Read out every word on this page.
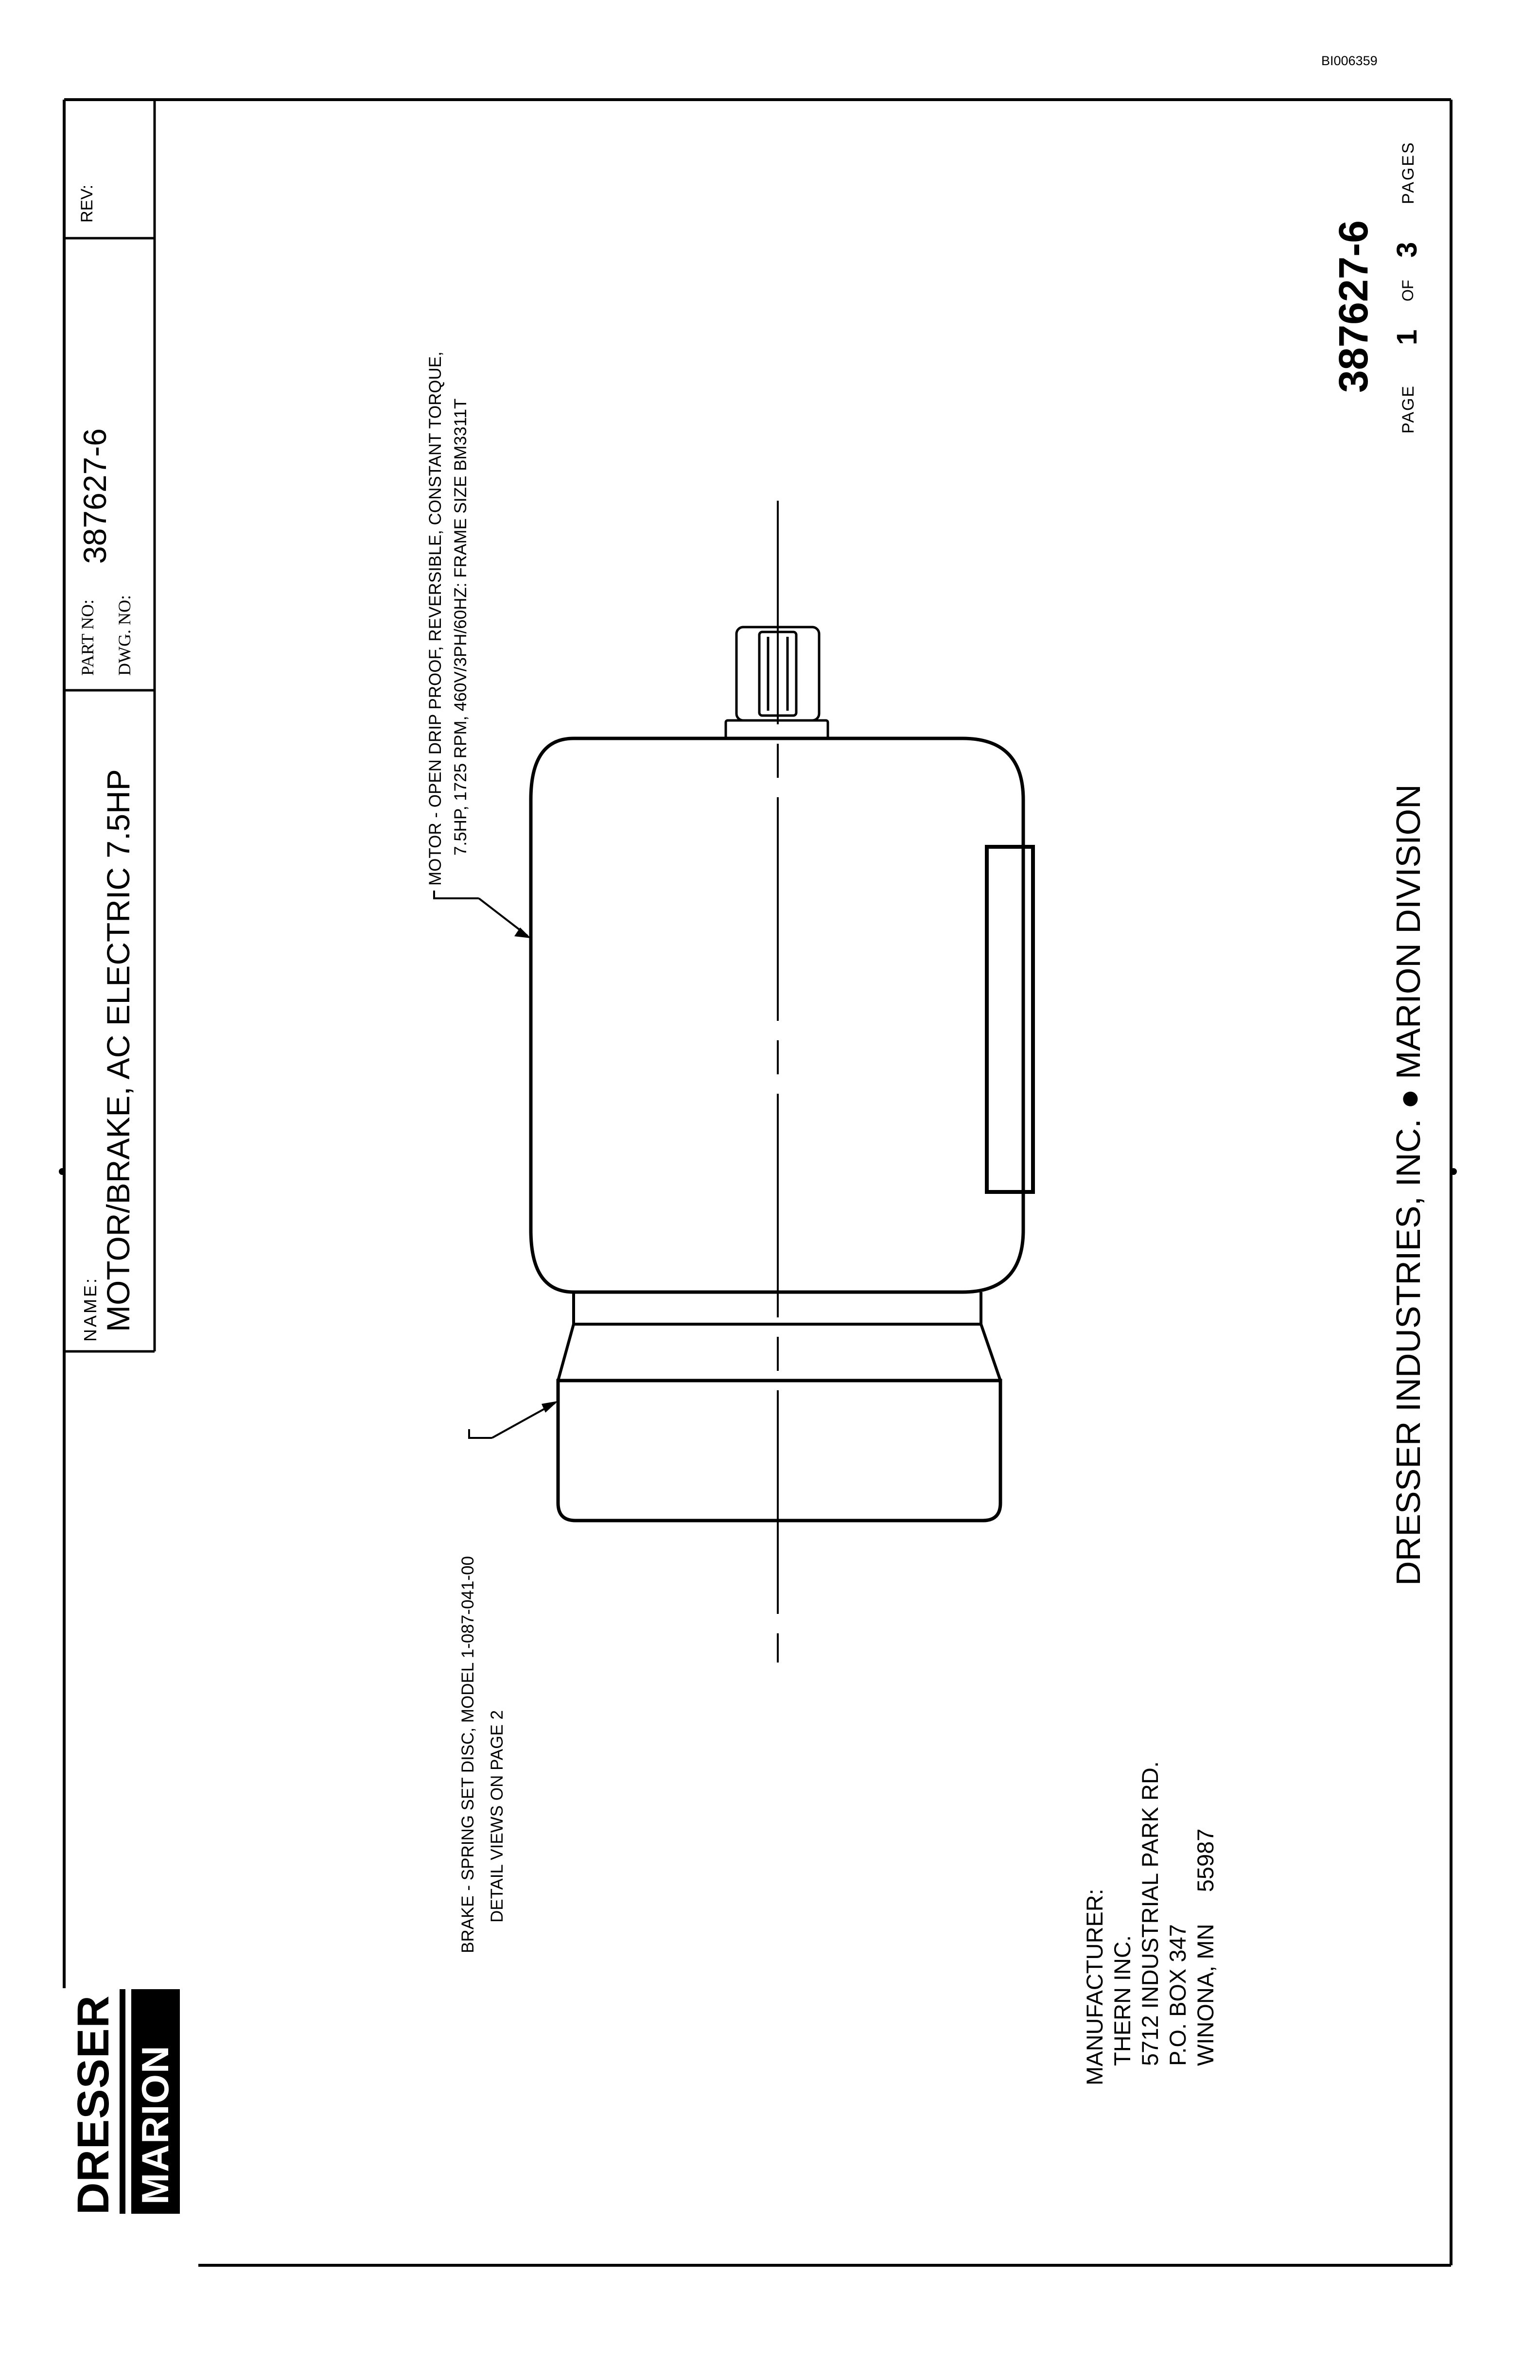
BI006359
NAME: MOTOR/BRAKE, AC ELECTRIC 7.5HP
PART NO:
387627-6
DWG. NO:
REV:
DRESSER MARION
MOTOR - OPEN DRIP PROOF, REVERSIBLE, CONSTANT TORQUE, 7.5HP, 1725 RPM, 460V/3PH/60HZ: FRAME SIZE BM3311T
BRAKE - SPRING SET DISC, MODEL 1-087-041-00 DETAIL VIEWS ON PAGE 2
MANUFACTURER: THERN INC. 5712 INDUSTRIAL PARK RD. P.O. BOX 347 WINONA, MN     55987
DRESSER INDUSTRIES, INC. ● MARION DIVISION
387627-6
PAGE
1
OF
3
PAGES
